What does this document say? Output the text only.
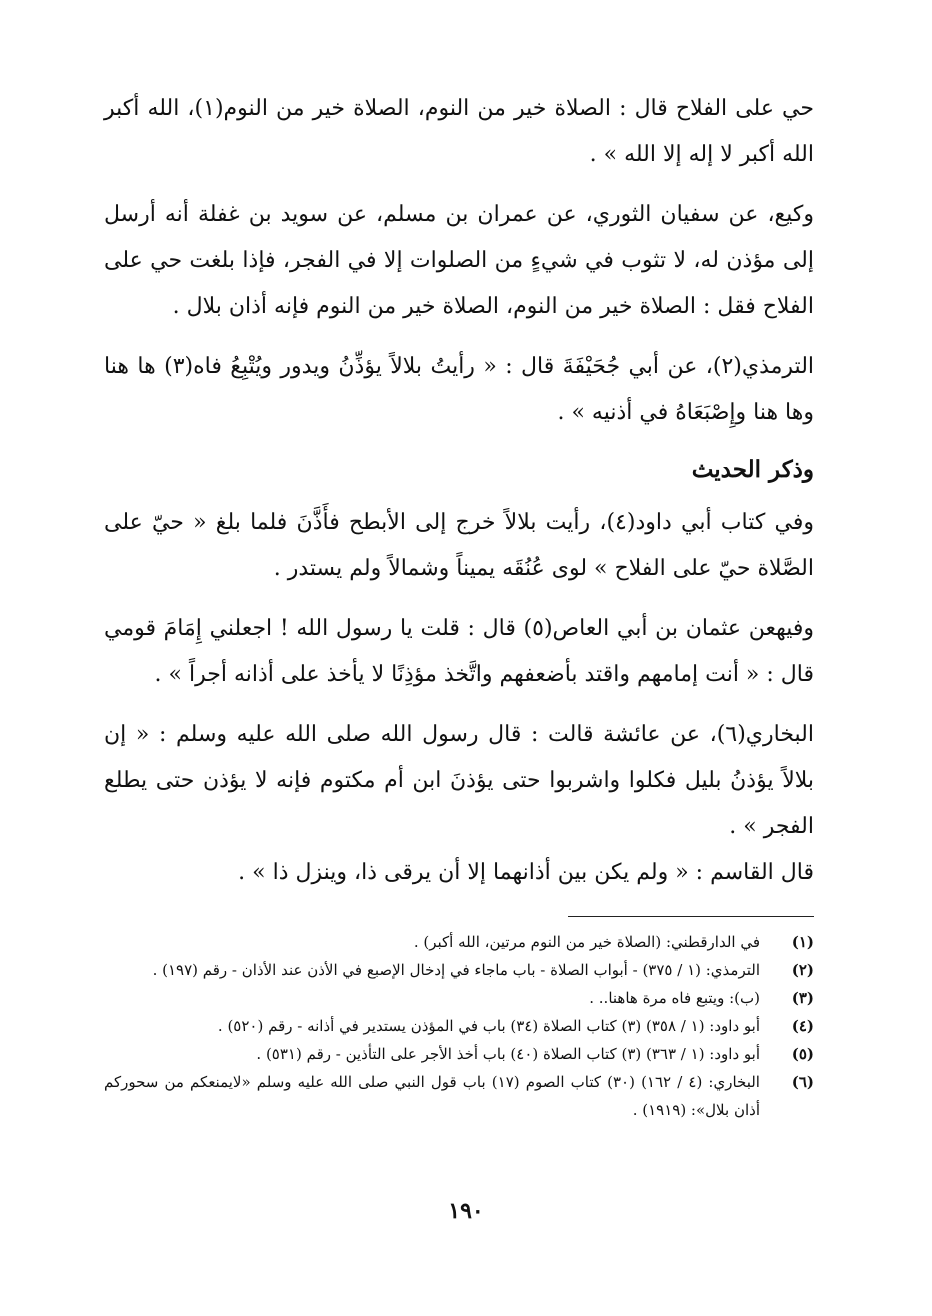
حي على الفلاح قال : الصلاة خير من النوم، الصلاة خير من النوم(١)، الله أكبر الله أكبر لا إله إلا الله » .

وكيع، عن سفيان الثوري، عن عمران بن مسلم، عن سويد بن غفلة أنه أرسل إلى مؤذن له، لا تثوب في شيءٍ من الصلوات إلا في الفجر، فإذا بلغت حي على الفلاح فقل : الصلاة خير من النوم، الصلاة خير من النوم فإنه أذان بلال .

الترمذي(٢)، عن أبي جُحَيْفَةَ قال : « رأيتُ بلالاً يؤذِّنُ ويدور ويُتْبِعُ فاه(٣) ها هنا وها هنا وإِصْبَعَاهُ في أذنيه » .

وذكر الحديث

وفي كتاب أبي داود(٤)، رأيت بلالاً خرج إلى الأبطح فأَذَّنَ فلما بلغ « حيّ على الصَّلاة حيّ على الفلاح » لوى عُنُقَه يميناً وشمالاً ولم يستدر .

وفيهعن عثمان بن أبي العاص(٥) قال : قلت يا رسول الله ! اجعلني إِمَامَ قومي قال : « أنت إمامهم واقتد بأضعفهم واتَّخذ مؤذِنًا لا يأخذ على أذانه أجراً » .

البخاري(٦)، عن عائشة قالت : قال رسول الله صلى الله عليه وسلم : « إن بلالاً يؤذنُ بليل فكلوا واشربوا حتى يؤذنَ ابن أم مكتوم فإنه لا يؤذن حتى يطلع الفجر » .

قال القاسم : « ولم يكن بين أذانهما إلا أن يرقى ذا، وينزل ذا » .

(١)
في الدارقطني: (الصلاة خير من النوم مرتين، الله أكبر) .
(٢)
الترمذي: (١ / ٣٧٥) - أبواب الصلاة - باب ماجاء في إدخال الإصبع في الأذن عند الأذان - رقم (١٩٧) .
(٣)
(ب): ويتبع فاه مرة هاهنا.. .
(٤)
أبو داود: (١ / ٣٥٨) (٣) كتاب الصلاة (٣٤) باب في المؤذن يستدير في أذانه - رقم (٥٢٠) .
(٥)
أبو داود: (١ / ٣٦٣) (٣) كتاب الصلاة (٤٠) باب أخذ الأجر على التأذين - رقم (٥٣١) .
(٦)
البخاري: (٤ / ١٦٢) (٣٠) كتاب الصوم (١٧) باب قول النبي صلى الله عليه وسلم «لايمنعكم من سحوركم أذان بلال»: (١٩١٩) .
١٩٠
